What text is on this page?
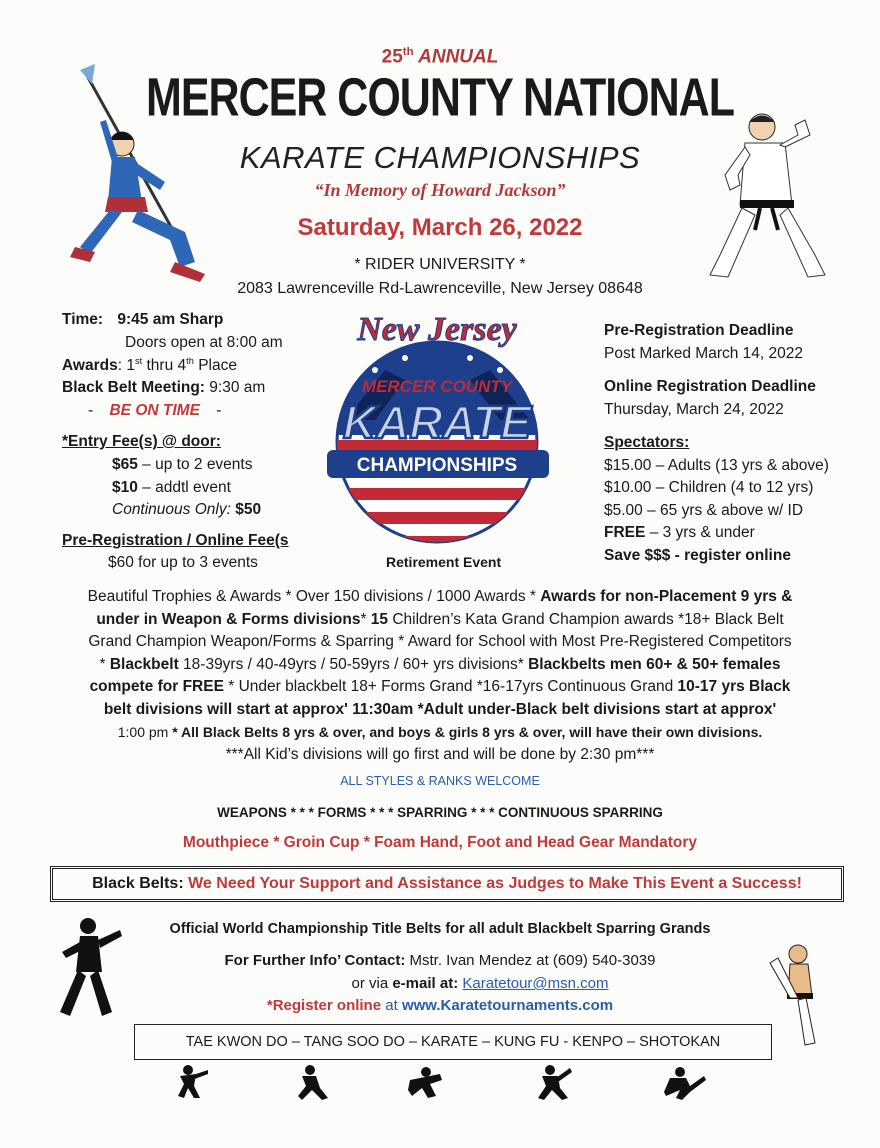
25th ANNUAL
MERCER COUNTY NATIONAL
KARATE CHAMPIONSHIPS
“In Memory of Howard Jackson”
Saturday, March 26, 2022
* RIDER UNIVERSITY *
2083 Lawrenceville Rd-Lawrenceville, New Jersey 08648
Time: 9:45 am Sharp
Doors open at 8:00 am
Awards: 1st thru 4th Place
Black Belt Meeting: 9:30 am
- BE ON TIME -
*Entry Fee(s) @ door:
$65 – up to 2 events
$10 – addtl event
Continuous Only: $50
Pre-Registration / Online Fee(s
$60 for up to 3 events
New Jersey
MERCER COUNTY
KARATE
CHAMPIONSHIPS
Retirement Event
Pre-Registration Deadline
Post Marked March 14, 2022
Online Registration Deadline
Thursday, March 24, 2022
Spectators:
$15.00 – Adults (13 yrs & above)
$10.00 – Children (4 to 12 yrs)
$5.00 – 65 yrs & above w/ ID
FREE – 3 yrs & under
Save $$$ - register online
Beautiful Trophies & Awards * Over 150 divisions / 1000 Awards * Awards for non-Placement 9 yrs &
under in Weapon & Forms divisions* 15 Children’s Kata Grand Champion awards *18+ Black Belt
Grand Champion Weapon/Forms & Sparring * Award for School with Most Pre-Registered Competitors
* Blackbelt 18-39yrs / 40-49yrs / 50-59yrs / 60+ yrs divisions* Blackbelts men 60+ & 50+ females
compete for FREE * Under blackbelt 18+ Forms Grand *16-17yrs Continuous Grand 10-17 yrs Black
belt divisions will start at approx' 11:30am *Adult under-Black belt divisions start at approx'
1:00 pm * All Black Belts 8 yrs & over, and boys & girls 8 yrs & over, will have their own divisions.
***All Kid’s divisions will go first and will be done by 2:30 pm***
ALL STYLES & RANKS WELCOME
WEAPONS * * * FORMS * * * SPARRING * * * CONTINUOUS SPARRING
Mouthpiece * Groin Cup * Foam Hand, Foot and Head Gear Mandatory
Black Belts: We Need Your Support and Assistance as Judges to Make This Event a Success!
Official World Championship Title Belts for all adult Blackbelt Sparring Grands
For Further Info’ Contact: Mstr. Ivan Mendez at (609) 540-3039
or via e-mail at: Karatetour@msn.com
*Register online at www.Karatetournaments.com
TAE KWON DO – TANG SOO DO – KARATE – KUNG FU - KENPO – SHOTOKAN
